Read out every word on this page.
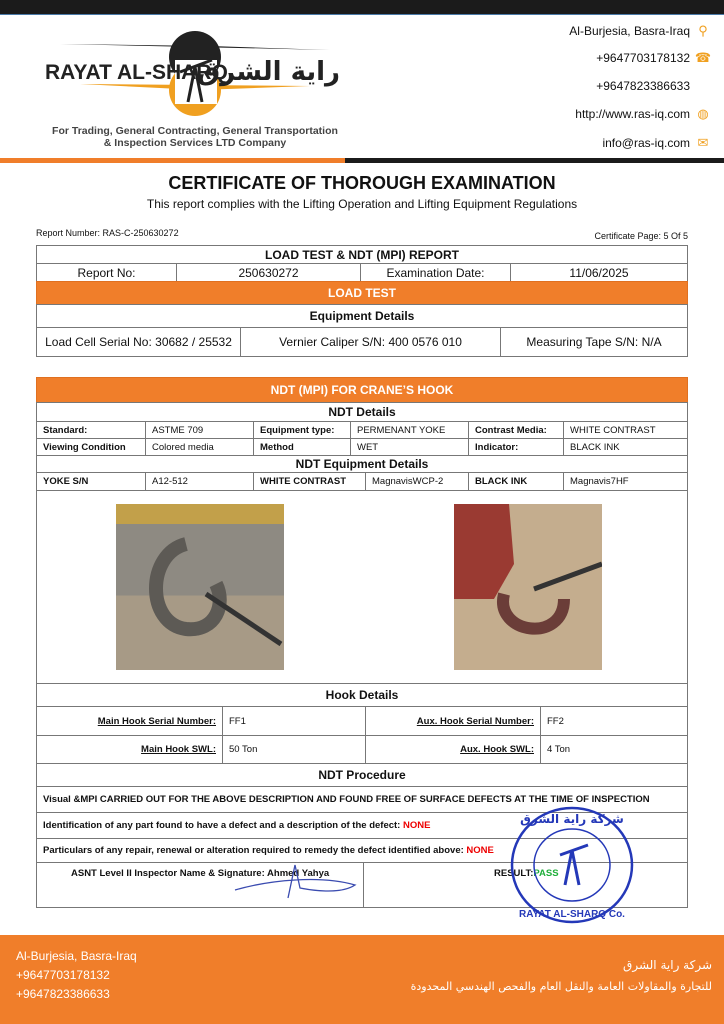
RAYAT AL-SHARQ
راية الشرق
For Trading, General Contracting, General Transportation
& Inspection Services LTD Company
Al-Burjesia, Basra-Iraq ⚲
+9647703178132 ☎
+9647823386633
http://www.ras-iq.com ◍
info@ras-iq.com ✉
CERTIFICATE OF THOROUGH EXAMINATION
This report complies with the Lifting Operation and Lifting Equipment Regulations
Report Number: RAS-C-250630272	Certificate Page: 5 Of 5
LOAD TEST & NDT (MPI) REPORT
Report No:	250630272	Examination Date:	11/06/2025
LOAD TEST
Equipment Details
Load Cell Serial No: 30682 / 25532	Vernier Caliper S/N: 400 0576 010	Measuring Tape S/N: N/A
NDT (MPI) FOR CRANE’S HOOK
NDT Details
Standard:	ASTME 709	Equipment type:	PERMENANT YOKE	Contrast Media:	WHITE CONTRAST
Viewing Condition	Colored media	Method	WET	Indicator:	BLACK INK
NDT Equipment Details
YOKE S/N	A12-512	WHITE CONTRAST	MagnavisWCP-2	BLACK INK	Magnavis7HF
Hook Details
Main Hook Serial Number:	FF1	Aux. Hook Serial Number:	FF2
Main Hook SWL:	50 Ton	Aux. Hook SWL:	4 Ton
NDT Procedure
Visual &MPI CARRIED OUT FOR THE ABOVE DESCRIPTION AND FOUND FREE OF SURFACE DEFECTS AT THE TIME OF INSPECTION
Identification of any part found to have a defect and a description of the defect:
NONE
Particulars of any repair, renewal or alteration required to remedy the defect identified above:
NONE
ASNT Level II Inspector Name & Signature: Ahmed Yahya	RESULT: PASS
شركة راية الشرق
RAYAT AL-SHARQ Co.
Al-Burjesia, Basra-Iraq
+9647703178132
+9647823386633
شركة راية الشرق
للتجارة والمقاولات العامة والنقل العام والفحص الهندسي المحدودة
